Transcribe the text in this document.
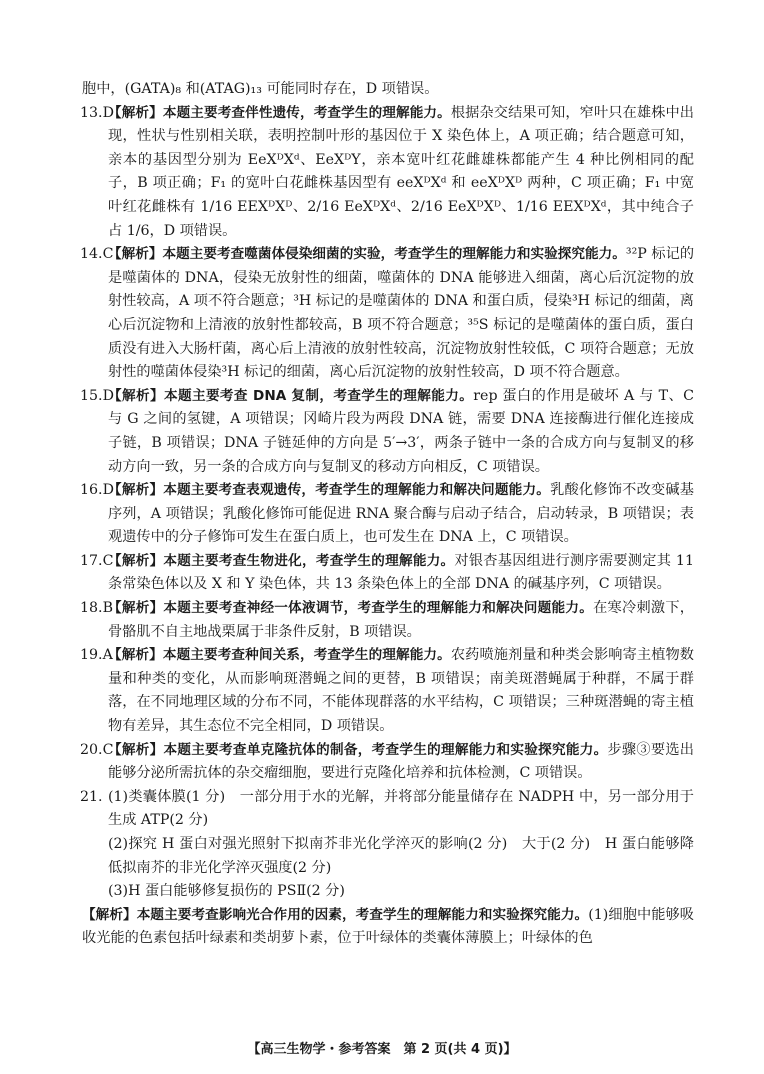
胞中，(GATA)₈ 和(ATAG)₁₃ 可能同时存在，D 项错误。

13.D
【解析】本题主要考查伴性遗传，考查学生的理解能力。根据杂交结果可知，窄叶只在雄株中出现，性状与性别相关联，表明控制叶形的基因位于 X 染色体上，A 项正确；结合题意可知，亲本的基因型分别为 EeXᴰXᵈ、EeXᴰY，亲本宽叶红花雌雄株都能产生 4 种比例相同的配子，B 项正确；F₁ 的宽叶白花雌株基因型有 eeXᴰXᵈ 和 eeXᴰXᴰ 两种，C 项正确；F₁ 中宽叶红花雌株有 1/16 EEXᴰXᴰ、2/16 EeXᴰXᵈ、2/16 EeXᴰXᴰ、1/16 EEXᴰXᵈ，其中纯合子占 1/6，D 项错误。

14.C
【解析】本题主要考查噬菌体侵染细菌的实验，考查学生的理解能力和实验探究能力。³²P 标记的是噬菌体的 DNA，侵染无放射性的细菌，噬菌体的 DNA 能够进入细菌，离心后沉淀物的放射性较高，A 项不符合题意；³H 标记的是噬菌体的 DNA 和蛋白质，侵染³H 标记的细菌，离心后沉淀物和上清液的放射性都较高，B 项不符合题意；³⁵S 标记的是噬菌体的蛋白质，蛋白质没有进入大肠杆菌，离心后上清液的放射性较高，沉淀物放射性较低，C 项符合题意；无放射性的噬菌体侵染³H 标记的细菌，离心后沉淀物的放射性较高，D 项不符合题意。

15.D
【解析】本题主要考查 DNA 复制，考查学生的理解能力。rep 蛋白的作用是破坏 A 与 T、C 与 G 之间的氢键，A 项错误；冈崎片段为两段 DNA 链，需要 DNA 连接酶进行催化连接成子链，B 项错误；DNA 子链延伸的方向是 5′→3′，两条子链中一条的合成方向与复制叉的移动方向一致，另一条的合成方向与复制叉的移动方向相反，C 项错误。

16.D
【解析】本题主要考查表观遗传，考查学生的理解能力和解决问题能力。乳酸化修饰不改变碱基序列，A 项错误；乳酸化修饰可能促进 RNA 聚合酶与启动子结合，启动转录，B 项错误；表观遗传中的分子修饰可发生在蛋白质上，也可发生在 DNA 上，C 项错误。

17.C
【解析】本题主要考查生物进化，考查学生的理解能力。对银杏基因组进行测序需要测定其 11 条常染色体以及 X 和 Y 染色体，共 13 条染色体上的全部 DNA 的碱基序列，C 项错误。

18.B
【解析】本题主要考查神经一体液调节，考查学生的理解能力和解决问题能力。在寒冷刺激下，骨骼肌不自主地战栗属于非条件反射，B 项错误。

19.A
【解析】本题主要考查种间关系，考查学生的理解能力。农药喷施剂量和种类会影响寄主植物数量和种类的变化，从而影响斑潜蝇之间的更替，B 项错误；南美斑潜蝇属于种群，不属于群落，在不同地理区域的分布不同，不能体现群落的水平结构，C 项错误；三种斑潜蝇的寄主植物有差异，其生态位不完全相同，D 项错误。

20.C
【解析】本题主要考查单克隆抗体的制备，考查学生的理解能力和实验探究能力。步骤③要选出能够分泌所需抗体的杂交瘤细胞，要进行克隆化培养和抗体检测，C 项错误。

21. (1)类囊体膜(1 分)　一部分用于水的光解，并将部分能量储存在 NADPH 中，另一部分用于生成 ATP(2 分)

(2)探究 H 蛋白对强光照射下拟南芥非光化学淬灭的影响(2 分)　大于(2 分)　H 蛋白能够降低拟南芥的非光化学淬灭强度(2 分)

(3)H 蛋白能够修复损伤的 PSⅡ(2 分)

【解析】本题主要考查影响光合作用的因素，考查学生的理解能力和实验探究能力。(1)细胞中能够吸收光能的色素包括叶绿素和类胡萝卜素，位于叶绿体的类囊体薄膜上；叶绿体的色

【高三生物学・参考答案　第 2 页(共 4 页)】
